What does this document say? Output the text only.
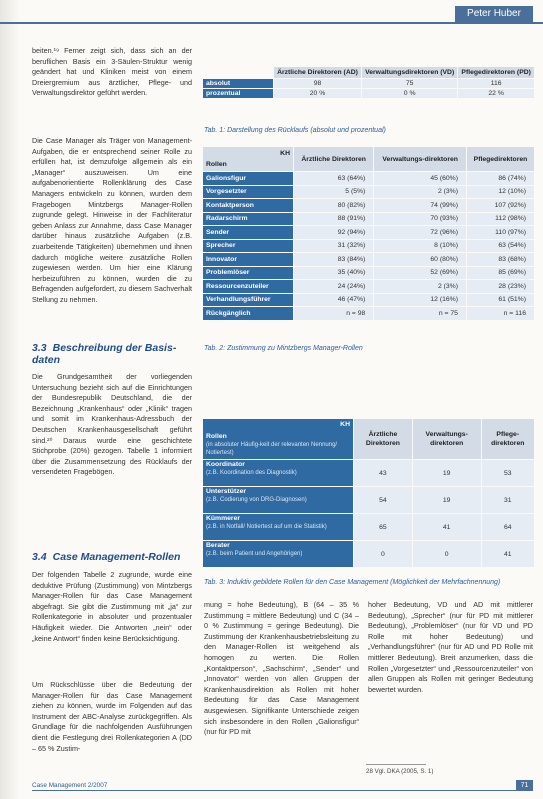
Peter Huber

beiten.¹⁹ Ferner zeigt sich, dass sich an der beruflichen Basis ein 3-Säulen-Struktur wenig geändert hat und Kliniken meist von einem Dreiergremium aus ärztlicher, Pflege- und Verwaltungsdirektor geführt werden.

Die Case Manager als Träger von Management-Aufgaben, die er entsprechend seiner Rolle zu erfüllen hat, ist demzufolge allgemein als ein „Manager“ auszuweisen. Um eine aufgabenorientierte Rollenklärung des Case Managers entwickeln zu können, wurden dem Fragebogen Mintzbergs Manager-Rollen zugrunde gelegt. Hinweise in der Fachliteratur geben Anlass zur Annahme, dass Case Manager darüber hinaus zusätzliche Aufgaben (z.B. zuarbeitende Tätigkeiten) übernehmen und ihnen dadurch mögliche weitere zusätzliche Rollen zugewiesen werden. Um hier eine Klärung herbeizuführen zu können, wurden die zu Befragenden aufgefordert, zu diesem Sachverhalt Stellung zu nehmen.

3.3 Beschreibung der Basis-daten

Die Grundgesamtheit der vorliegenden Untersuchung bezieht sich auf die Einrichtungen der Bundesrepublik Deutschland, die der Bezeichnung „Krankenhaus“ oder „Klinik“ tragen und somit im Krankenhaus-Adressbuch der Deutschen Krankenhausgesellschaft geführt sind.²⁰ Daraus wurde eine geschichtete Stichprobe (20%) gezogen. Tabelle 1 informiert über die Zusammensetzung des Rücklaufs der versendeten Fragebögen.

3.4 Case Management-Rollen

Der folgenden Tabelle 2 zugrunde, wurde eine deduktive Prüfung (Zustimmung) von Mintzbergs Manager-Rollen für das Case Management abgefragt. Sie gibt die Zustimmung mit „ja“ zur Rollenkategorie in absoluter und prozentualer Häufigkeit wieder. Die Antworten „nein“ oder „keine Antwort“ finden keine Berücksichtigung.

Um Rückschlüsse über die Bedeutung der Manager-Rollen für das Case Management ziehen zu können, wurde im Folgenden auf das Instrument der ABC-Analyse zurückgegriffen. Als Grundlage für die nachfolgenden Ausführungen dient die Festlegung drei Rollenkategorien A (DD – 65 % Zustim-

	Ärztliche Direktoren (AD)	Verwaltungsdirektoren (VD)	Pflegedirektoren (PD)
absolut	98	75	116
prozentual	20 %	0 %	22 %
Tab. 1: Darstellung des Rücklaufs (absolut und prozentual)
KH
Rollen	Ärztliche Direktoren	Verwaltungs-direktoren	Pflegedirektoren
Galionsfigur	63 (64%)	45 (60%)	86 (74%)
Vorgesetzter	5 (5%)	2 (3%)	12 (10%)
Kontaktperson	80 (82%)	74 (99%)	107 (92%)
Radarschirm	88 (91%)	70 (93%)	112 (98%)
Sender	92 (94%)	72 (96%)	110 (97%)
Sprecher	31 (32%)	8 (10%)	63 (54%)
Innovator	83 (84%)	60 (80%)	83 (68%)
Problemlöser	35 (40%)	52 (69%)	85 (69%)
Ressourcenzuteiler	24 (24%)	2 (3%)	28 (23%)
Verhandlungsführer	46 (47%)	12 (16%)	61 (51%)
Rückgänglich	n = 98	n = 75	n = 116
Tab. 2: Zustimmung zu Mintzbergs Manager-Rollen
KH
Rollen
(in absoluter Häufig-keit der relevanten Nennung/ Notiertest)	Ärztliche Direktoren	Verwaltungs-direktoren	Pflege-direktoren
Koordinator
(z.B. Koordination des Diagnostik)	43	19	53
Unterstützer
(z.B. Codierung von DRG-Diagnosen)	54	19	31
Kümmerer
(z.B. in Notfall/ Notiertest auf um die Statistik)	65	41	64
Berater
(z.B. beim Patient und Angehörigen)	0	0	41
Tab. 3: Induktiv gebildete Rollen für den Case Management (Möglichkeit der Mehrfachnennung)

mung = hohe Bedeutung), B (64 – 35 % Zustimmung = mittlere Bedeutung) und C (34 – 0 % Zustimmung = geringe Bedeutung). Die Zustimmung der Krankenhausbetriebsleitung zu den Manager-Rollen ist weitgehend als homogen zu werten. Die Rollen „Kontaktperson“, „Sachschirm“, „Sender“ und „Innovator“ werden von allen Gruppen der Krankenhausdirektion als Rollen mit hoher Bedeutung für das Case Management ausgewiesen. Signifikante Unterschiede zeigen sich insbesondere in den Rollen „Galionsfigur“ (nur für PD mit

hoher Bedeutung, VD und AD mit mittlerer Bedeutung), „Sprecher“ (nur für PD mit mittlerer Bedeutung), „Problemlöser“ (nur für VD und PD Rolle mit hoher Bedeutung) und „Verhandlungsführer“ (nur für AD und PD Rolle mit mittlerer Bedeutung). Breit anzumerken, dass die Rollen „Vorgesetzter“ und „Ressourcenzuteiler“ von allen Gruppen als Rollen mit geringer Bedeutung bewertet wurden.

28 Vgl. DKA (2005, S. 1)
Case Management 2/2007	71
